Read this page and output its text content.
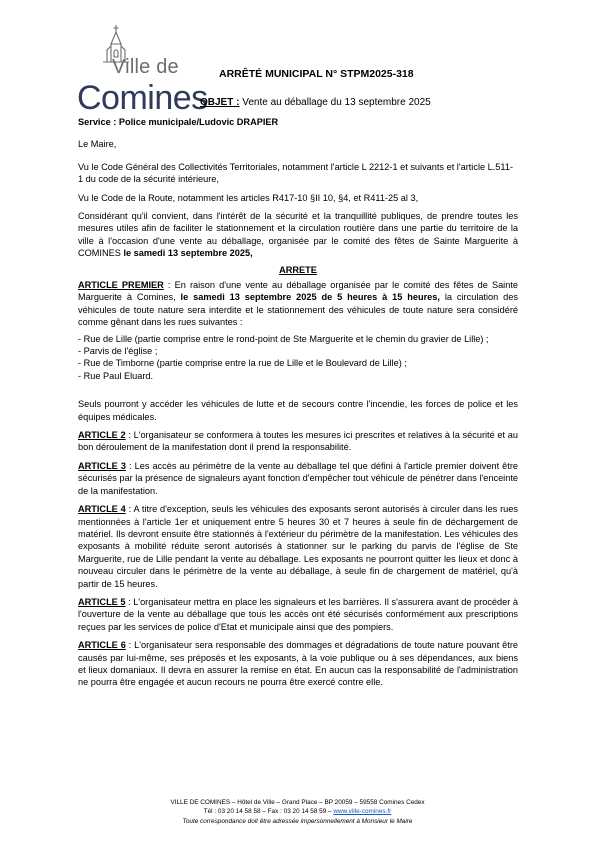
Ville de
Comines
ARRÊTÉ MUNICIPAL N° STPM2025-318
OBJET : Vente au déballage du 13 septembre 2025

Service : Police municipale/Ludovic DRAPIER

Le Maire,

Vu le Code Général des Collectivités Territoriales, notamment l'article L 2212-1 et suivants et l'article L.511-1 du code de la sécurité intérieure,

Vu le Code de la Route, notamment les articles R417-10 §II 10, §4, et R411-25 al 3,

Considérant qu'il convient, dans l'intérêt de la sécurité et la tranquillité publiques, de prendre toutes les mesures utiles afin de faciliter le stationnement et la circulation routière dans une partie du territoire de la ville à l'occasion d'une vente au déballage, organisée par le comité des fêtes de Sainte Marguerite à COMINES le samedi 13 septembre 2025,

ARRETE

ARTICLE PREMIER : En raison d'une vente au déballage organisée par le comité des fêtes de Sainte Marguerite à Comines, le samedi 13 septembre 2025 de 5 heures à 15 heures, la circulation des véhicules de toute nature sera interdite et le stationnement des véhicules de toute nature sera considéré comme gênant dans les rues suivantes :

- Rue de Lille (partie comprise entre le rond-point de Ste Marguerite et le chemin du gravier de Lille) ;

- Parvis de l'église ;

- Rue de Timborne (partie comprise entre la rue de Lille et le Boulevard de Lille) ;

- Rue Paul Eluard.

Seuls pourront y accéder les véhicules de lutte et de secours contre l'incendie, les forces de police et les équipes médicales.

ARTICLE 2 : L'organisateur se conformera à toutes les mesures ici prescrites et relatives à la sécurité et au bon déroulement de la manifestation dont il prend la responsabilité.

ARTICLE 3 : Les accès au périmètre de la vente au déballage tel que défini à l'article premier doivent être sécurisés par la présence de signaleurs ayant fonction d'empêcher tout véhicule de pénétrer dans l'enceinte de la manifestation.

ARTICLE 4 : A titre d'exception, seuls les véhicules des exposants seront autorisés à circuler dans les rues mentionnées à l'article 1er et uniquement entre 5 heures 30 et 7 heures à seule fin de déchargement de matériel. Ils devront ensuite être stationnés à l'extérieur du périmètre de la manifestation. Les véhicules des exposants à mobilité réduite seront autorisés à stationner sur le parking du parvis de l'église de Ste Marguerite, rue de Lille pendant la vente au déballage. Les exposants ne pourront quitter les lieux et donc à nouveau circuler dans le périmètre de la vente au déballage, à seule fin de chargement de matériel, qu'à partir de 15 heures.

ARTICLE 5 : L'organisateur mettra en place les signaleurs et les barrières. Il s'assurera avant de procéder à l'ouverture de la vente au déballage que tous les accès ont été sécurisés conformément aux prescriptions reçues par les services de police d'Etat et municipale ainsi que des pompiers.

ARTICLE 6 : L'organisateur sera responsable des dommages et dégradations de toute nature pouvant être causés par lui-même, ses préposés et les exposants, à la voie publique ou à ses dépendances, aux biens et lieux domaniaux. Il devra en assurer la remise en état. En aucun cas la responsabilité de l'administration ne pourra être engagée et aucun recours ne pourra être exercé contre elle.

VILLE DE COMINES – Hôtel de Ville – Grand Place – BP 20059 – 59558 Comines Cedex
Tél : 03 20 14 58 58 – Fax : 03 20 14 58 59 – www.ville-comines.fr
Toute correspondance doit être adressée impersonnellement à Monsieur le Maire
